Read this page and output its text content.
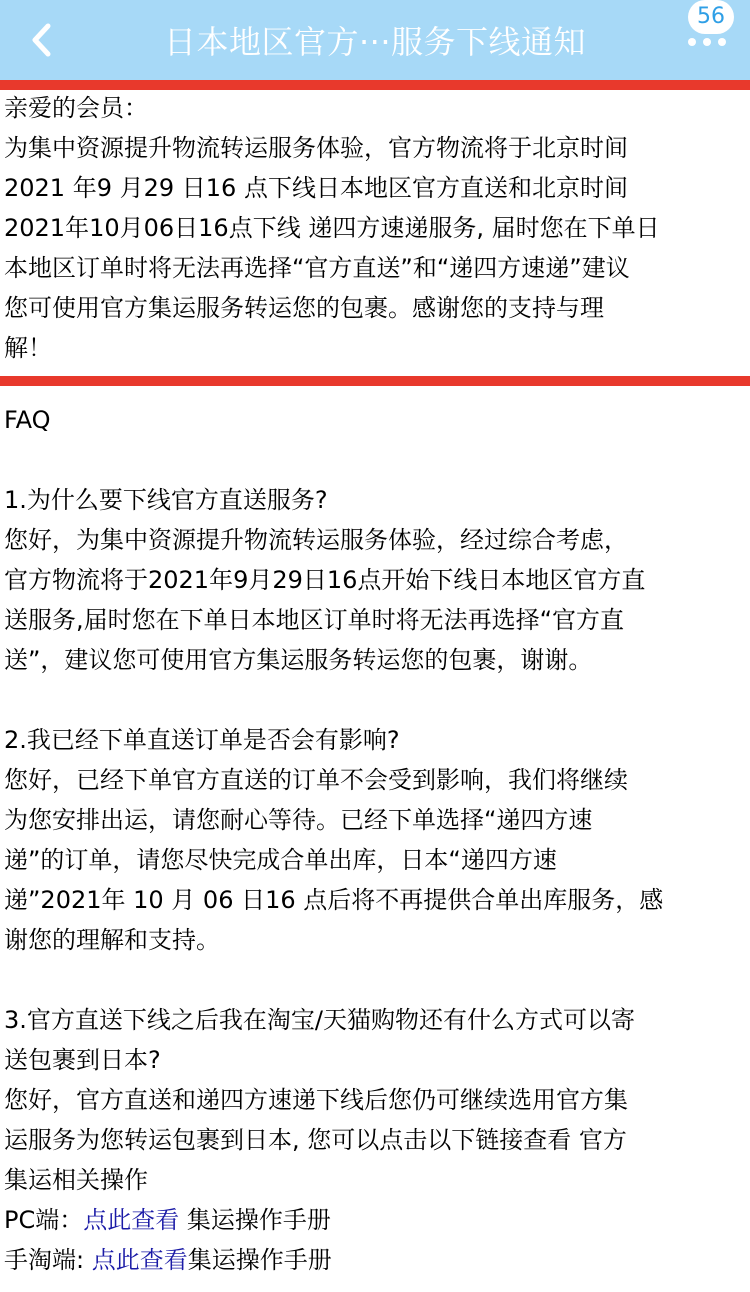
日本地区官方···服务下线通知
56
亲爱的会员：
为集中资源提升物流转运服务体验，官方物流将于北京时间
2021 年9 月29 日16 点下线日本地区官方直送和北京时间
2021年10月06日16点下线 递四方速递服务, 届时您在下单日
本地区订单时将无法再选择“官方直送”和“递四方速递”建议
您可使用官方集运服务转运您的包裹。感谢您的支持与理
解！
FAQ
1.为什么要下线官方直送服务?
您好，为集中资源提升物流转运服务体验，经过综合考虑，
官方物流将于2021年9月29日16点开始下线日本地区官方直
送服务,届时您在下单日本地区订单时将无法再选择“官方直
送”，建议您可使用官方集运服务转运您的包裹，谢谢。
2.我已经下单直送订单是否会有影响?
您好，已经下单官方直送的订单不会受到影响，我们将继续
为您安排出运，请您耐心等待。已经下单选择“递四方速
递”的订单，请您尽快完成合单出库，日本“递四方速
递”2021年 10 月 06 日16 点后将不再提供合单出库服务，感
谢您的理解和支持。
3.官方直送下线之后我在淘宝/天猫购物还有什么方式可以寄
送包裹到日本?
您好，官方直送和递四方速递下线后您仍可继续选用官方集
运服务为您转运包裹到日本, 您可以点击以下链接查看 官方
集运相关操作
PC端：点此查看 集运操作手册
手淘端: 点此查看集运操作手册
